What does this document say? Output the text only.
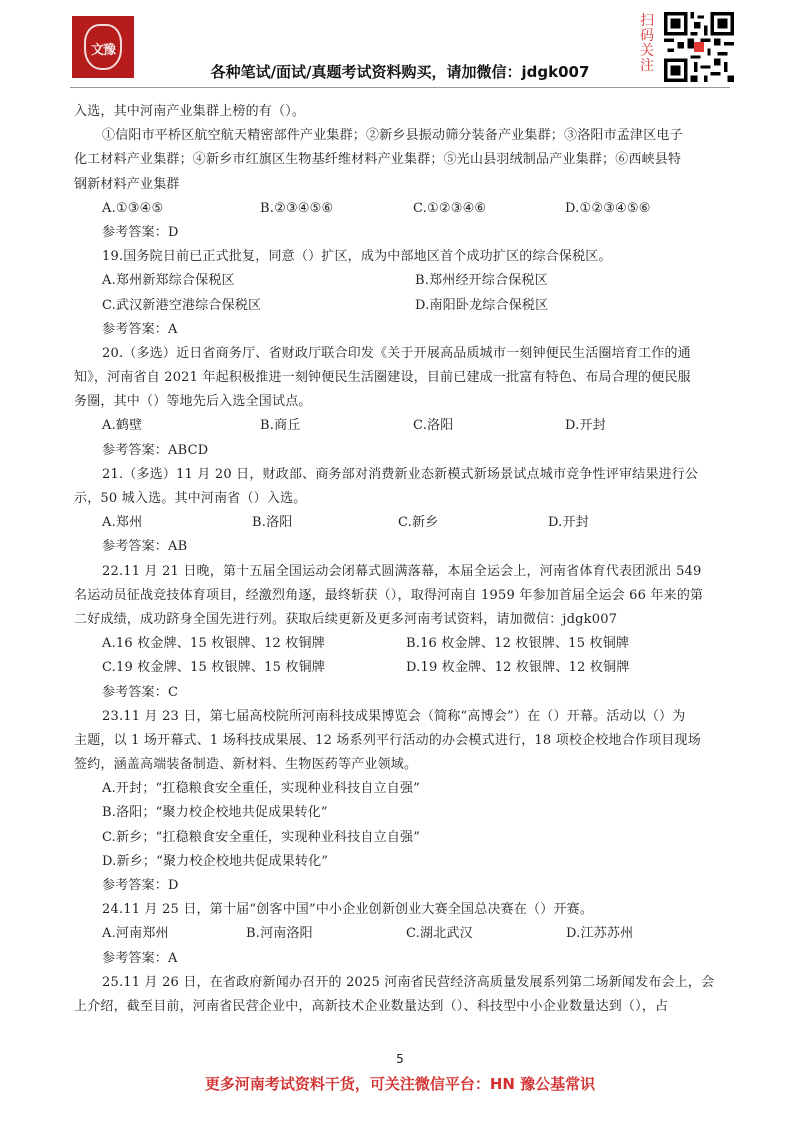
文豫
扫码关注
各种笔试/面试/真题考试资料购买，请加微信：jdgk007
入选，其中河南产业集群上榜的有（）。
①信阳市平桥区航空航天精密部件产业集群；②新乡县振动筛分装备产业集群；③洛阳市孟津区电子
化工材料产业集群；④新乡市红旗区生物基纤维材料产业集群；⑤光山县羽绒制品产业集群；⑥西峡县特
钢新材料产业集群
A.①③④⑤	B.②③④⑤⑥	C.①②③④⑥	D.①②③④⑤⑥
参考答案：D
19.国务院日前已正式批复，同意（）扩区，成为中部地区首个成功扩区的综合保税区。
A.郑州新郑综合保税区	B.郑州经开综合保税区
C.武汉新港空港综合保税区	D.南阳卧龙综合保税区
参考答案：A
20.（多选）近日省商务厅、省财政厅联合印发《关于开展高品质城市一刻钟便民生活圈培育工作的通
知》，河南省自 2021 年起积极推进一刻钟便民生活圈建设，目前已建成一批富有特色、布局合理的便民服
务圈，其中（）等地先后入选全国试点。
A.鹤壁	B.商丘	C.洛阳	D.开封
参考答案：ABCD
21.（多选）11 月 20 日，财政部、商务部对消费新业态新模式新场景试点城市竞争性评审结果进行公
示，50 城入选。其中河南省（）入选。
A.郑州	B.洛阳	C.新乡	D.开封
参考答案：AB
22.11 月 21 日晚，第十五届全国运动会闭幕式圆满落幕，本届全运会上，河南省体育代表团派出 549
名运动员征战竞技体育项目，经激烈角逐，最终斩获（），取得河南自 1959 年参加首届全运会 66 年来的第
二好成绩，成功跻身全国先进行列。获取后续更新及更多河南考试资料，请加微信：jdgk007
A.16 枚金牌、15 枚银牌、12 枚铜牌	B.16 枚金牌、12 枚银牌、15 枚铜牌
C.19 枚金牌、15 枚银牌、15 枚铜牌	D.19 枚金牌、12 枚银牌、12 枚铜牌
参考答案：C
23.11 月 23 日，第七届高校院所河南科技成果博览会（简称“高博会”）在（）开幕。活动以（）为
主题，以 1 场开幕式、1 场科技成果展、12 场系列平行活动的办会模式进行，18 项校企校地合作项目现场
签约，涵盖高端装备制造、新材料、生物医药等产业领域。
A.开封；“扛稳粮食安全重任，实现种业科技自立自强”
B.洛阳；“聚力校企校地共促成果转化”
C.新乡；“扛稳粮食安全重任，实现种业科技自立自强”
D.新乡；“聚力校企校地共促成果转化”
参考答案：D
24.11 月 25 日，第十届“创客中国”中小企业创新创业大赛全国总决赛在（）开赛。
A.河南郑州	B.河南洛阳	C.湖北武汉	D.江苏苏州
参考答案：A
25.11 月 26 日，在省政府新闻办召开的 2025 河南省民营经济高质量发展系列第二场新闻发布会上，会
上介绍，截至目前，河南省民营企业中，高新技术企业数量达到（）、科技型中小企业数量达到（），占
5
更多河南考试资料干货，可关注微信平台：HN 豫公基常识
